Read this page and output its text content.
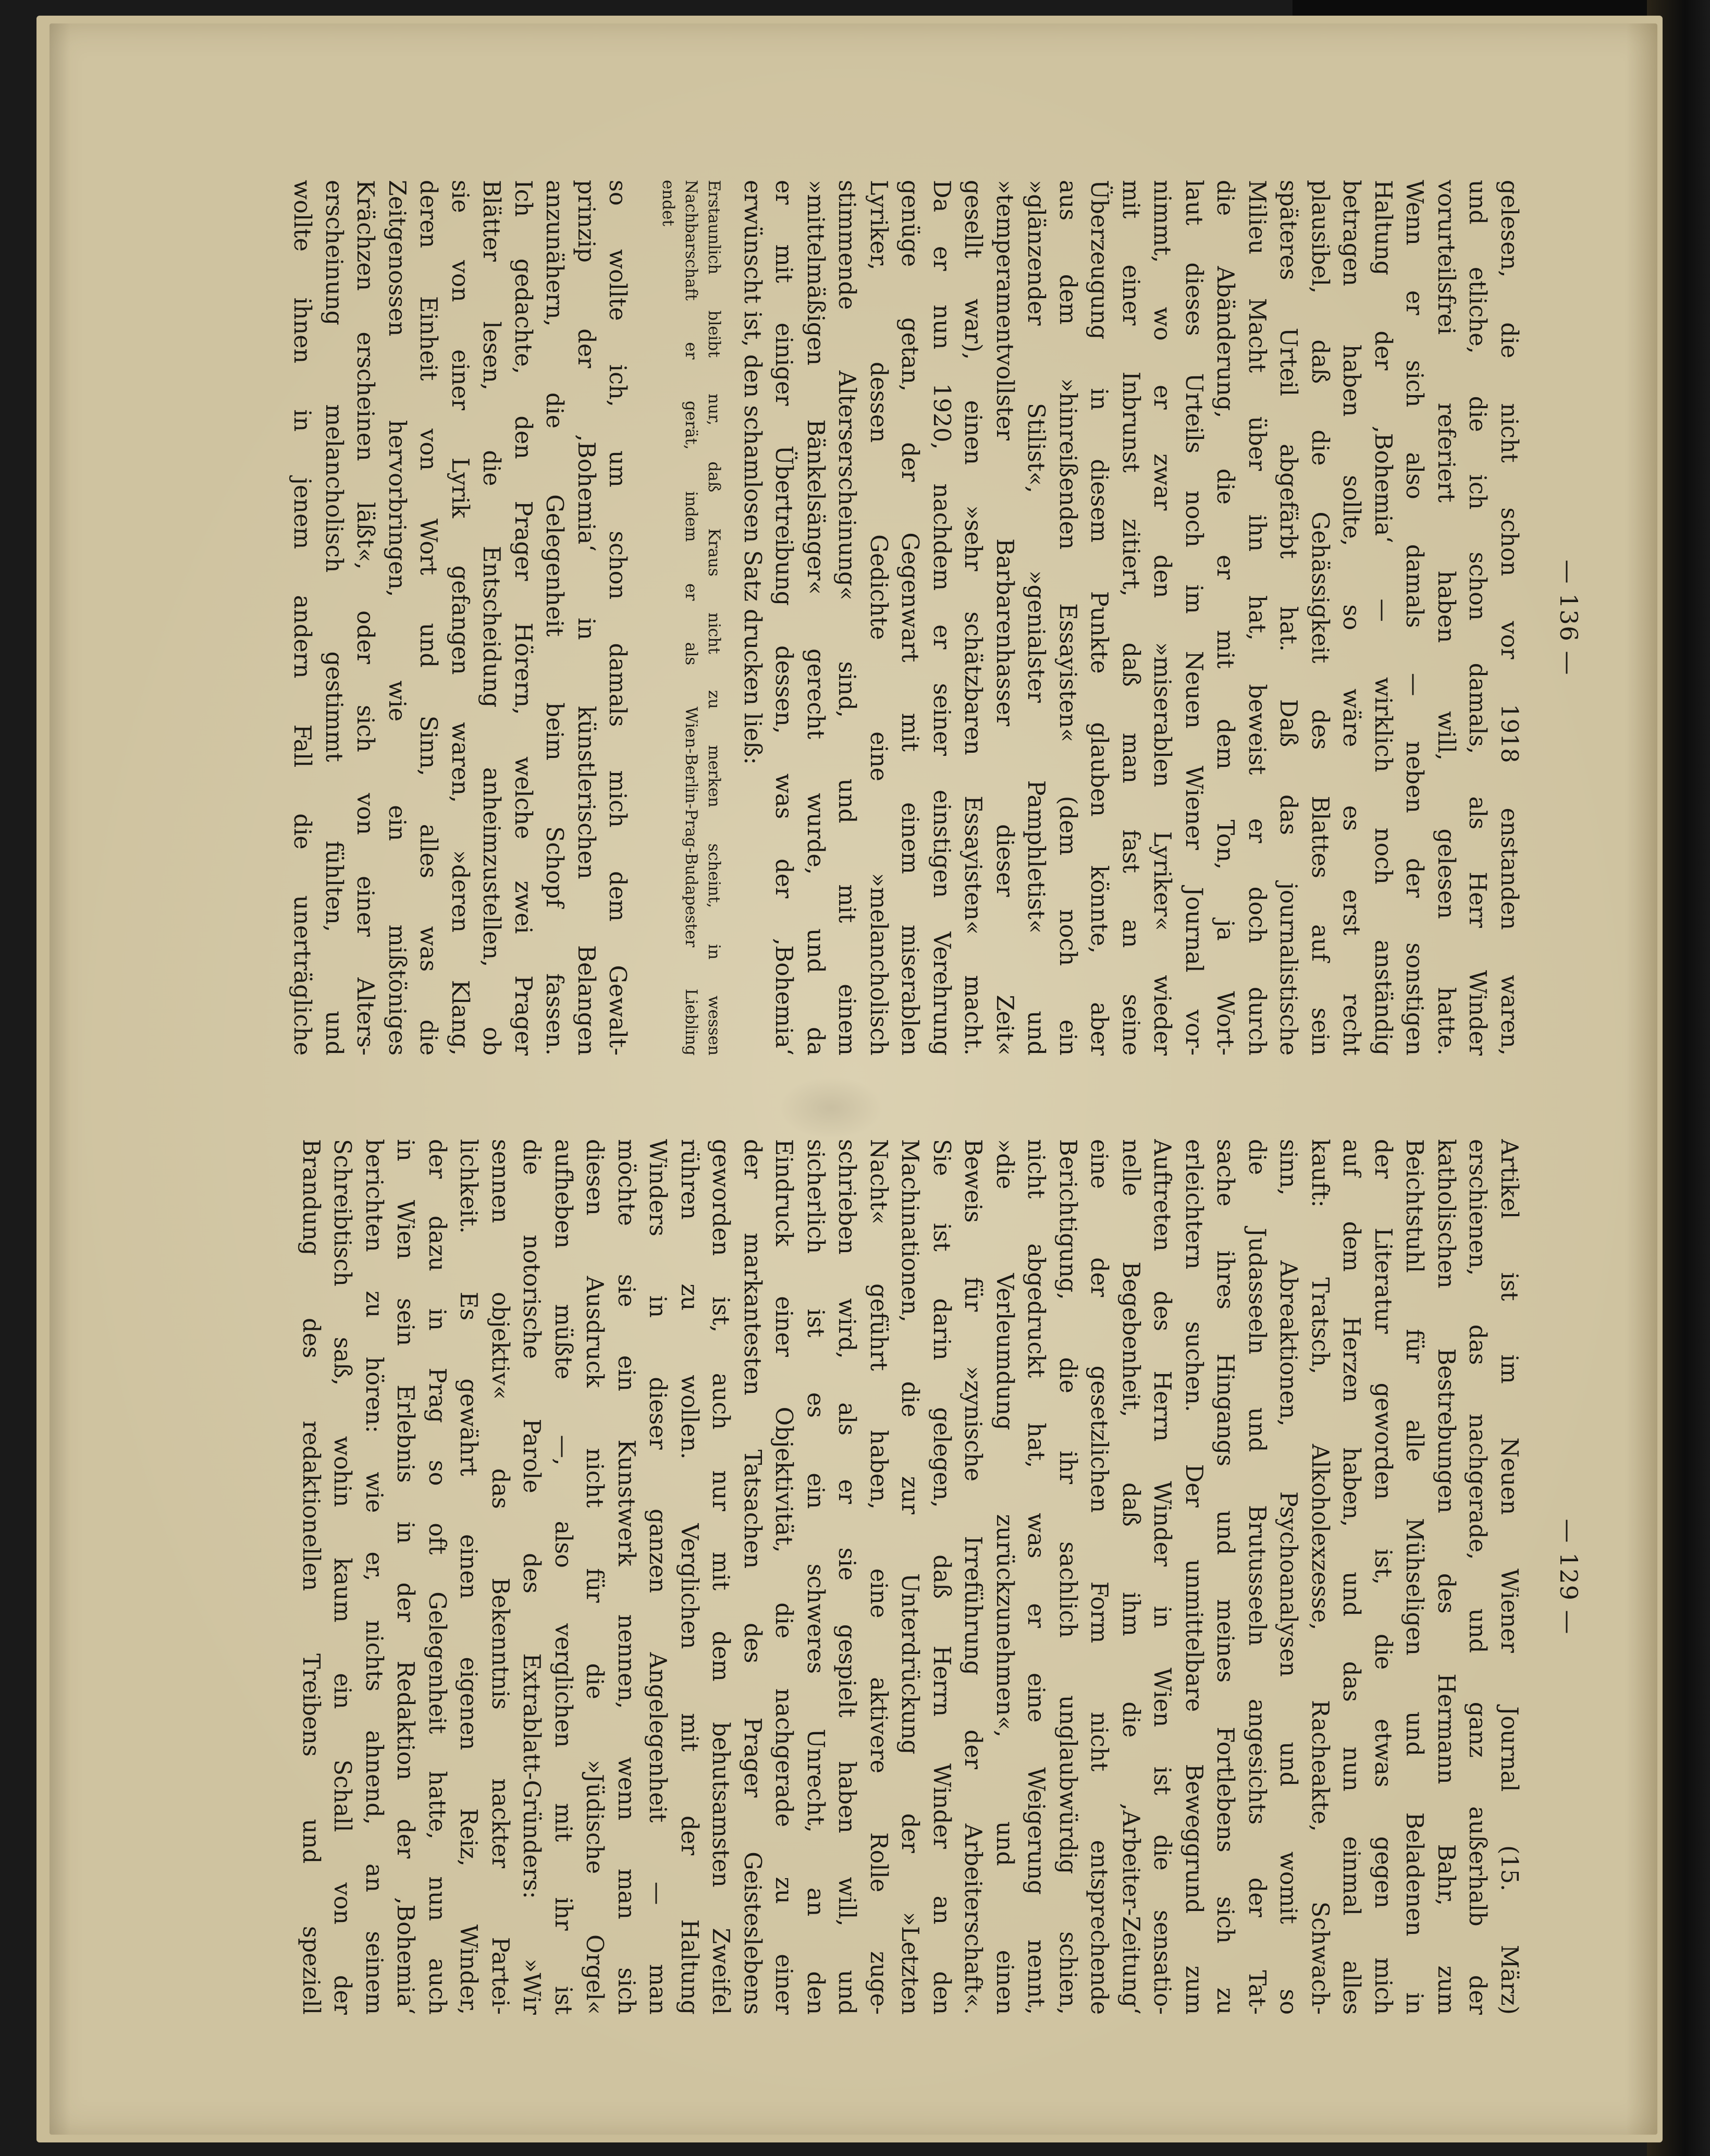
— 136 —
gelesen, die nicht schon vor 1918 enstanden waren,
und etliche, die ich schon damals, als Herr Winder
vorurteilsfrei referiert haben will, gelesen hatte.
Wenn er sich also damals — neben der sonstigen
Haltung der ‚Bohemia‘ — wirklich noch anständig
betragen haben sollte, so wäre es erst recht
plausibel, daß die Gehässigkeit des Blattes auf sein
späteres Urteil abgefärbt hat. Daß das journalistische
Milieu Macht über ihn hat, beweist er doch durch
die Abänderung, die er mit dem Ton, ja Wort-
laut dieses Urteils noch im Neuen Wiener Journal vor-
nimmt, wo er zwar den »miserablen Lyriker« wieder
mit einer Inbrunst zitiert, daß man fast an seine
Überzeugung in diesem Punkte glauben könnte, aber
aus dem »hinreißenden Essayisten« (dem noch ein
»glänzender Stilist«, »genialster Pamphletist« und
»temperamentvollster Barbarenhasser dieser Zeit«
gesellt war), einen »sehr schätzbaren Essayisten« macht.
Da er nun 1920, nachdem er seiner einstigen Verehrung
genüge getan, der Gegenwart mit einem miserablen
Lyriker, dessen Gedichte eine »melancholisch
stimmende Alterserscheinung« sind, und mit einem
»mittelmäßigen Bänkelsänger« gerecht wurde, und da
er mit einiger Übertreibung dessen, was der ‚Bohemia‘
erwünscht ist, den schamlosen Satz drucken ließ:
Erstaunlich bleibt nur, daß Kraus nicht zu merken scheint, in wessen
Nachbarschaft er gerät, indem er als Wien-Berlin-Prag-Budapester Liebling
endet
so wollte ich, um schon damals mich dem Gewalt-
prinzip der ‚Bohemia‘ in künstlerischen Belangen
anzunähern, die Gelegenheit beim Schopf fassen.
Ich gedachte, den Prager Hörern, welche zwei Prager
Blätter lesen, die Entscheidung anheimzustellen, ob
sie von einer Lyrik gefangen waren, »deren Klang,
deren Einheit von Wort und Sinn, alles was die
Zeitgenossen hervorbringen, wie ein mißtöniges
Krächzen erscheinen läßt«, oder sich von einer Alters-
erscheinung melancholisch gestimmt fühlten, und
wollte ihnen in jenem andern Fall die unerträgliche
— 129 —
Artikel ist im Neuen Wiener Journal (15. März)
erschienen, das nachgerade, und ganz außerhalb der
katholischen Bestrebungen des Hermann Bahr, zum
Beichtstuhl für alle Mühseligen und Beladenen in
der Literatur geworden ist, die etwas gegen mich
auf dem Herzen haben, und das nun einmal alles
kauft: Tratsch, Alkoholexzesse, Racheakte, Schwach-
sinn, Abreaktionen, Psychoanalysen und womit so
die Judasseeln und Brutusseeln angesichts der Tat-
sache ihres Hingangs und meines Fortlebens sich zu
erleichtern suchen. Der unmittelbare Beweggrund zum
Auftreten des Herrn Winder in Wien ist die sensatio-
nelle Begebenheit, daß ihm die ‚Arbeiter-Zeitung‘
eine der gesetzlichen Form nicht entsprechende
Berichtigung, die ihr sachlich unglaubwürdig schien,
nicht abgedruckt hat, was er eine Weigerung nennt,
»die Verleumdung zurückzunehmen«, und einen
Beweis für »zynische Irreführung der Arbeiterschaft«.
Sie ist darin gelegen, daß Herrn Winder an den
Machinationen, die zur Unterdrückung der »Letzten
Nacht« geführt haben, eine aktivere Rolle zuge-
schrieben wird, als er sie gespielt haben will, und
sicherlich ist es ein schweres Unrecht, an den
Eindruck einer Objektivität, die nachgerade zu einer
der markantesten Tatsachen des Prager Geisteslebens
geworden ist, auch nur mit dem behutsamsten Zweifel
rühren zu wollen. Verglichen mit der Haltung
Winders in dieser ganzen Angelegenheit — man
möchte sie ein Kunstwerk nennen, wenn man sich
diesen Ausdruck nicht für die »Jüdische Orgel«
aufheben müßte —, also verglichen mit ihr ist
die notorische Parole des Extrablatt-Gründers: »Wir
sennen objektiv« das Bekenntnis nackter Partei-
lichkeit. Es gewährt einen eigenen Reiz, Winder,
der dazu in Prag so oft Gelegenheit hatte, nun auch
in Wien sein Erlebnis in der Redaktion der ‚Bohemia‘
berichten zu hören: wie er, nichts ahnend, an seinem
Schreibtisch saß, wohin kaum ein Schall von der
Brandung des redaktionellen Treibens und speziell
